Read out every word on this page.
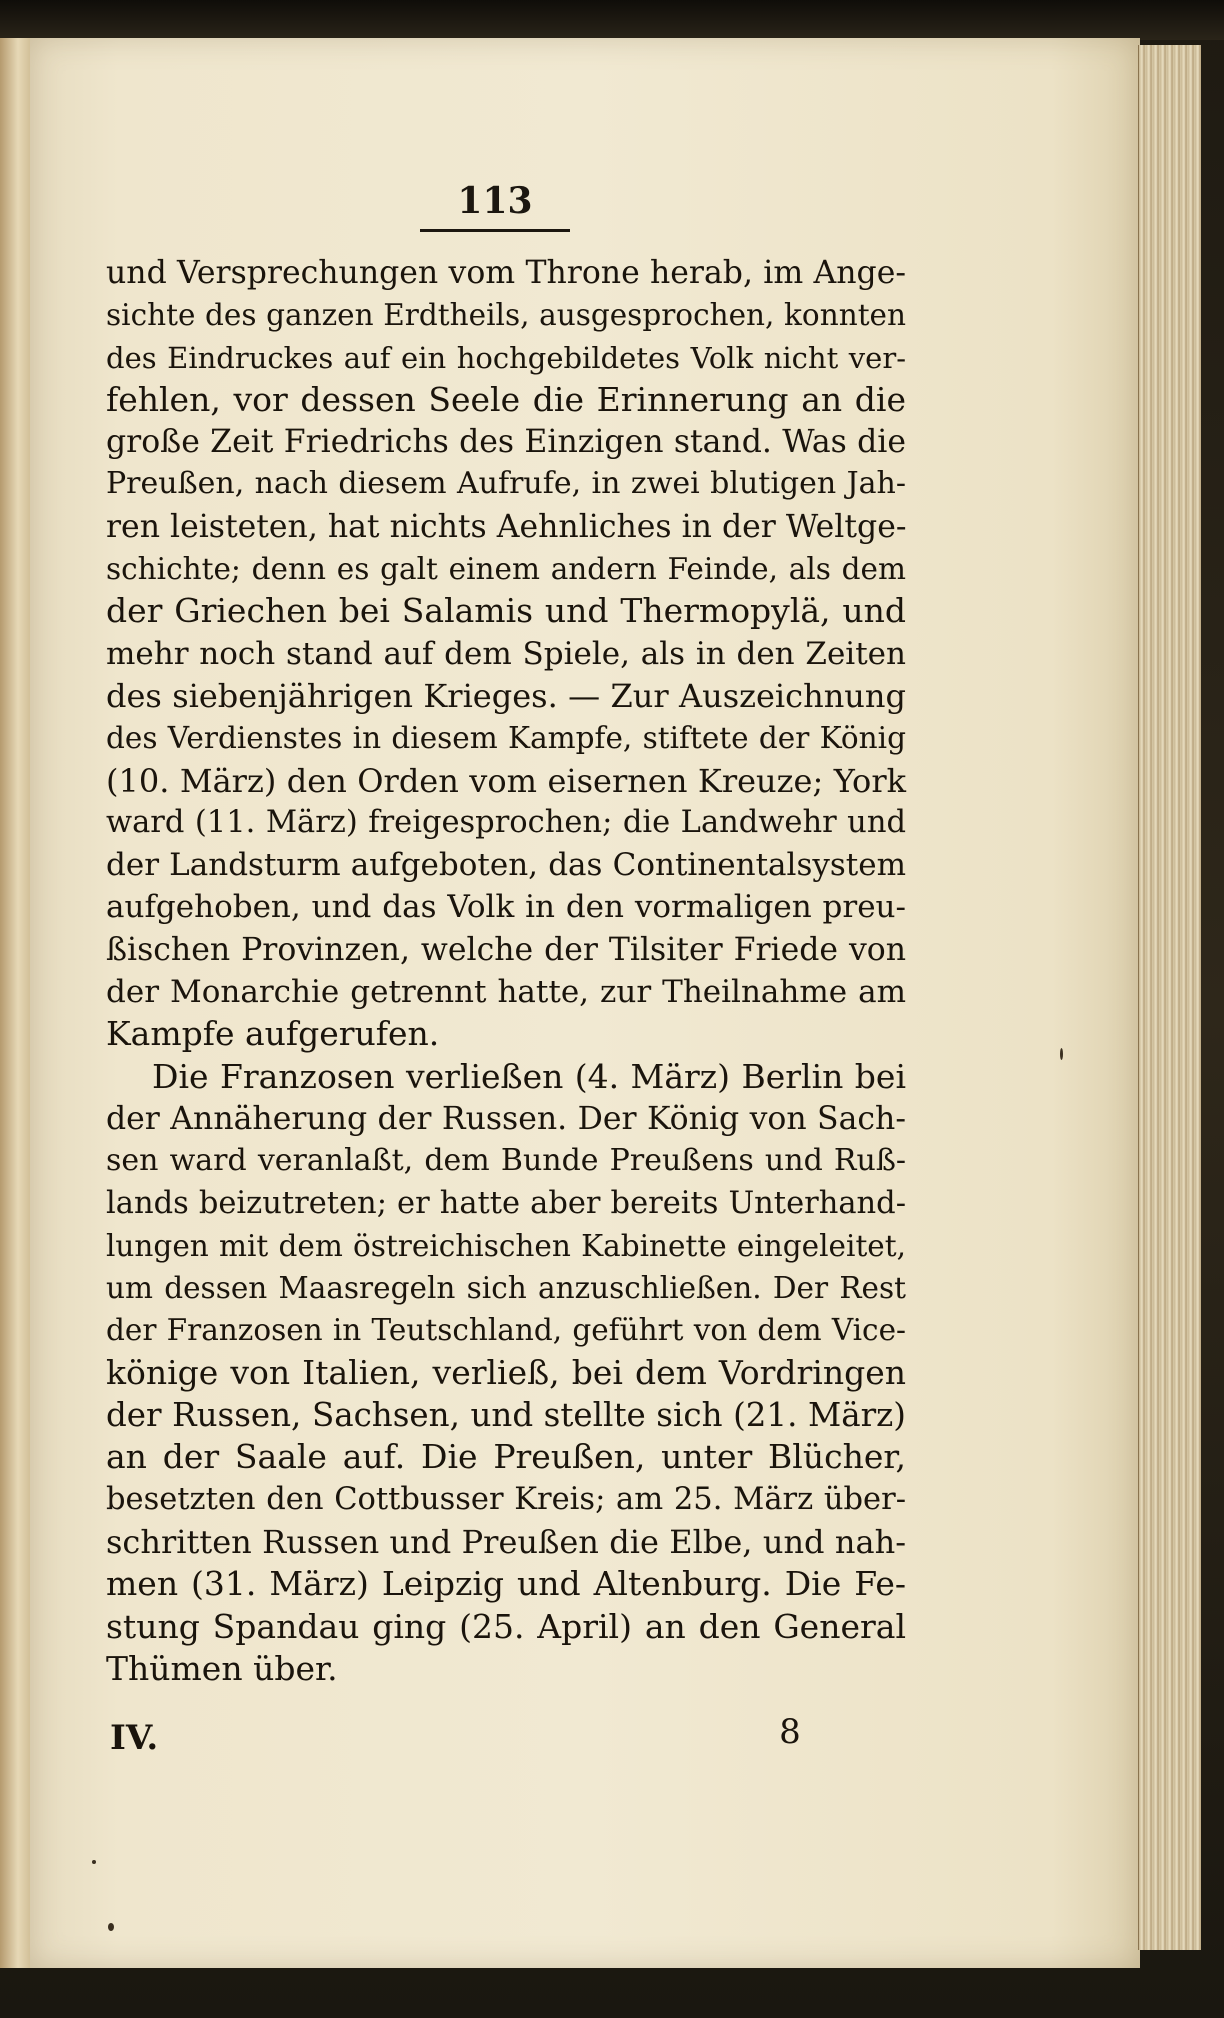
113
und Versprechungen vom Throne herab, im Ange-
sichte des ganzen Erdtheils, ausgesprochen, konnten
des Eindruckes auf ein hochgebildetes Volk nicht ver-
fehlen, vor dessen Seele die Erinnerung an die
große Zeit Friedrichs des Einzigen stand. Was die
Preußen, nach diesem Aufrufe, in zwei blutigen Jah-
ren leisteten, hat nichts Aehnliches in der Weltge-
schichte; denn es galt einem andern Feinde, als dem
der Griechen bei Salamis und Thermopylä, und
mehr noch stand auf dem Spiele, als in den Zeiten
des siebenjährigen Krieges. — Zur Auszeichnung
des Verdienstes in diesem Kampfe, stiftete der König
(10. März) den Orden vom eisernen Kreuze; York
ward (11. März) freigesprochen; die Landwehr und
der Landsturm aufgeboten, das Continentalsystem
aufgehoben, und das Volk in den vormaligen preu-
ßischen Provinzen, welche der Tilsiter Friede von
der Monarchie getrennt hatte, zur Theilnahme am
Kampfe aufgerufen.
Die Franzosen verließen (4. März) Berlin bei
der Annäherung der Russen. Der König von Sach-
sen ward veranlaßt, dem Bunde Preußens und Ruß-
lands beizutreten; er hatte aber bereits Unterhand-
lungen mit dem östreichischen Kabinette eingeleitet,
um dessen Maasregeln sich anzuschließen. Der Rest
der Franzosen in Teutschland, geführt von dem Vice-
könige von Italien, verließ, bei dem Vordringen
der Russen, Sachsen, und stellte sich (21. März)
an der Saale auf. Die Preußen, unter Blücher,
besetzten den Cottbusser Kreis; am 25. März über-
schritten Russen und Preußen die Elbe, und nah-
men (31. März) Leipzig und Altenburg. Die Fe-
stung Spandau ging (25. April) an den General
Thümen über.
IV.	8
